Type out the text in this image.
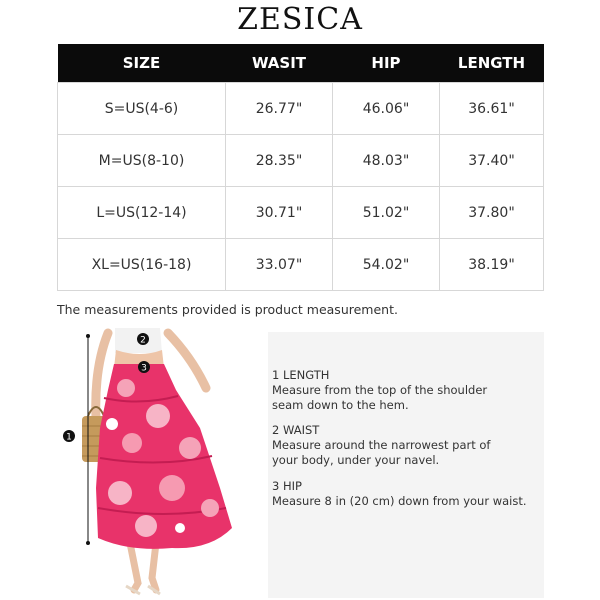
ZESICA
SIZE	WASIT	HIP	LENGTH
S=US(4-6)	26.77"	46.06"	36.61"
M=US(8-10)	28.35"	48.03"	37.40"
L=US(12-14)	30.71"	51.02"	37.80"
XL=US(16-18)	33.07"	54.02"	38.19"
The measurements provided is product measurement.
1
2
3	1 LENGTH
Measure from the top of the shoulder
seam down to the hem.
2 WAIST
Measure around the narrowest part of
your body, under your navel.
3 HIP
Measure 8 in (20 cm) down from your waist.
